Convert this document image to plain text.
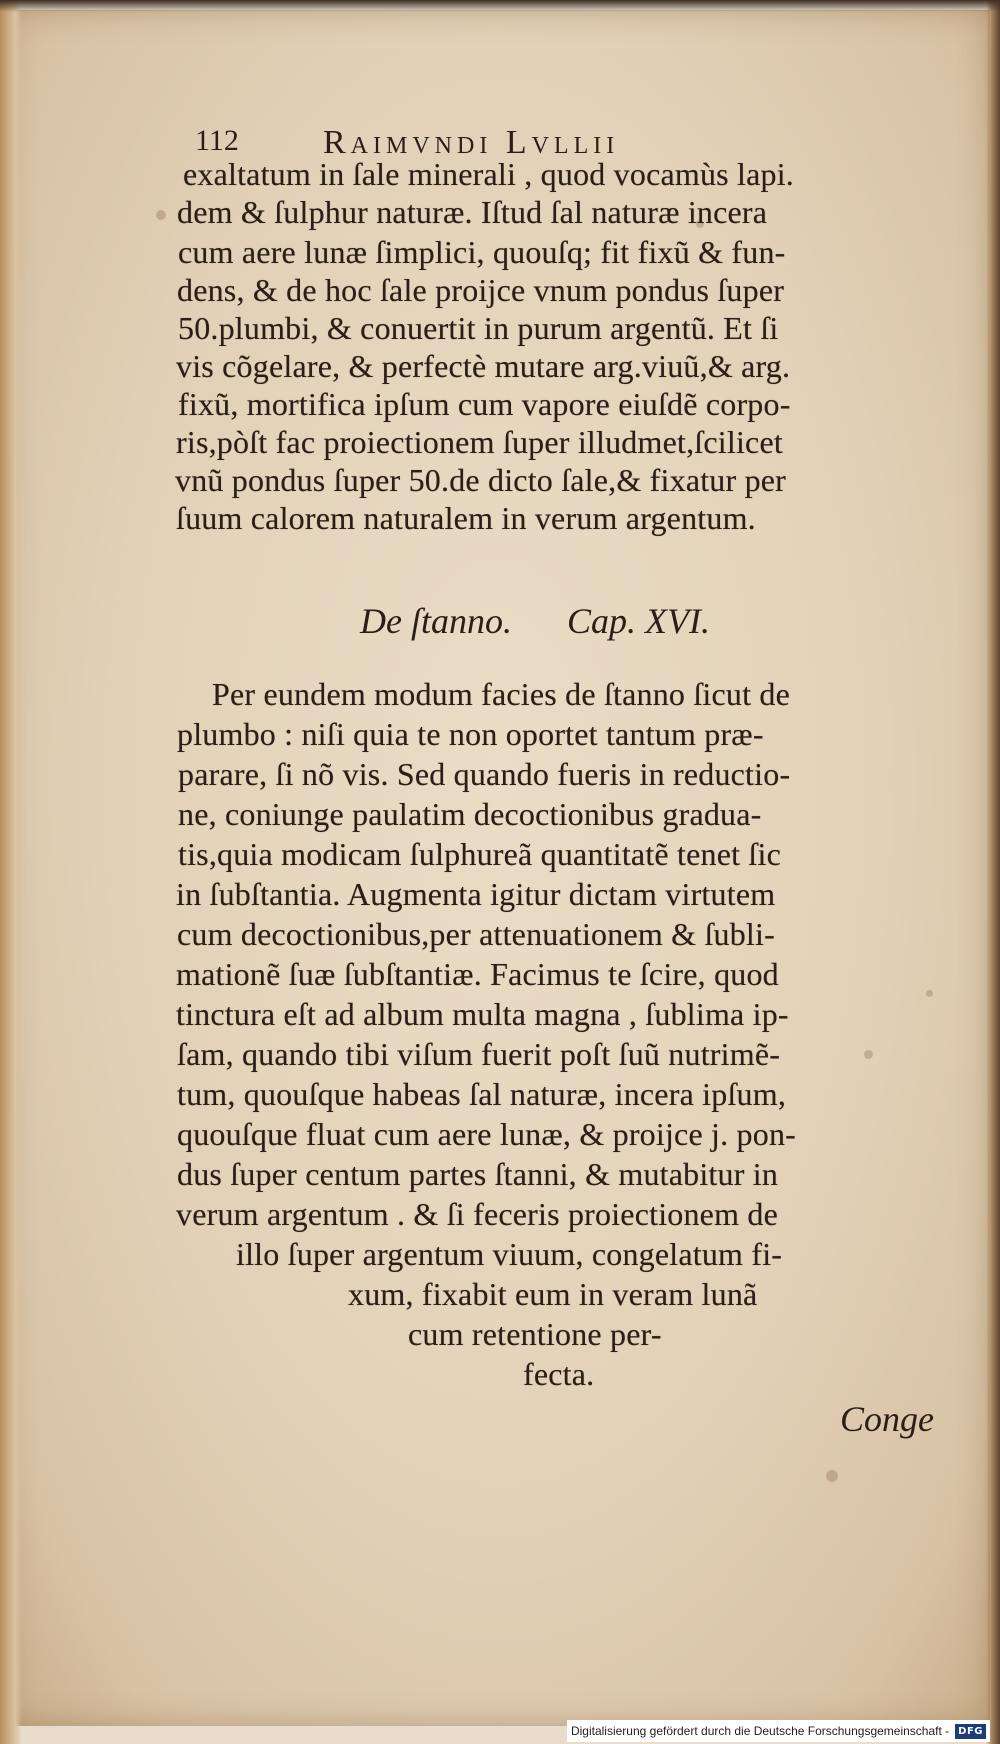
112 Raimvndi Lvllii
exaltatum in ſale minerali , quod vocamùs lapi.
dem & ſulphur naturæ. Iſtud ſal naturæ incera
cum aere lunæ ſimplici, quouſq; fit fixũ & fun-
dens, & de hoc ſale proijce vnum pondus ſuper
50.plumbi, & conuertit in purum argentũ. Et ſi
vis cõgelare, & perfectè mutare arg.viuũ,& arg.
fixũ, mortifica ipſum cum vapore eiuſdẽ corpo-
ris,pòſt fac proiectionem ſuper illudmet,ſcilicet
vnũ pondus ſuper 50.de dicto ſale,& fixatur per
ſuum calorem naturalem in verum argentum.
De ſtanno. Cap. XVI.
Per eundem modum facies de ſtanno ſicut de
plumbo : niſi quia te non oportet tantum præ-
parare, ſi nõ vis. Sed quando fueris in reductio-
ne, coniunge paulatim decoctionibus gradua-
tis,quia modicam ſulphureã quantitatẽ tenet ſic
in ſubſtantia. Augmenta igitur dictam virtutem
cum decoctionibus,per attenuationem & ſubli-
mationẽ ſuæ ſubſtantiæ. Facimus te ſcire, quod
tinctura eſt ad album multa magna , ſublima ip-
ſam, quando tibi viſum fuerit poſt ſuũ nutrimẽ-
tum, quouſque habeas ſal naturæ, incera ipſum,
quouſque fluat cum aere lunæ, & proijce j. pon-
dus ſuper centum partes ſtanni, & mutabitur in
verum argentum . & ſi feceris proiectionem de
illo ſuper argentum viuum, congelatum fi-
xum, fixabit eum in veram lunã
cum retentione per-
fecta.
Conge
Digitalisierung gefördert durch die Deutsche Forschungsgemeinschaft - DFG
